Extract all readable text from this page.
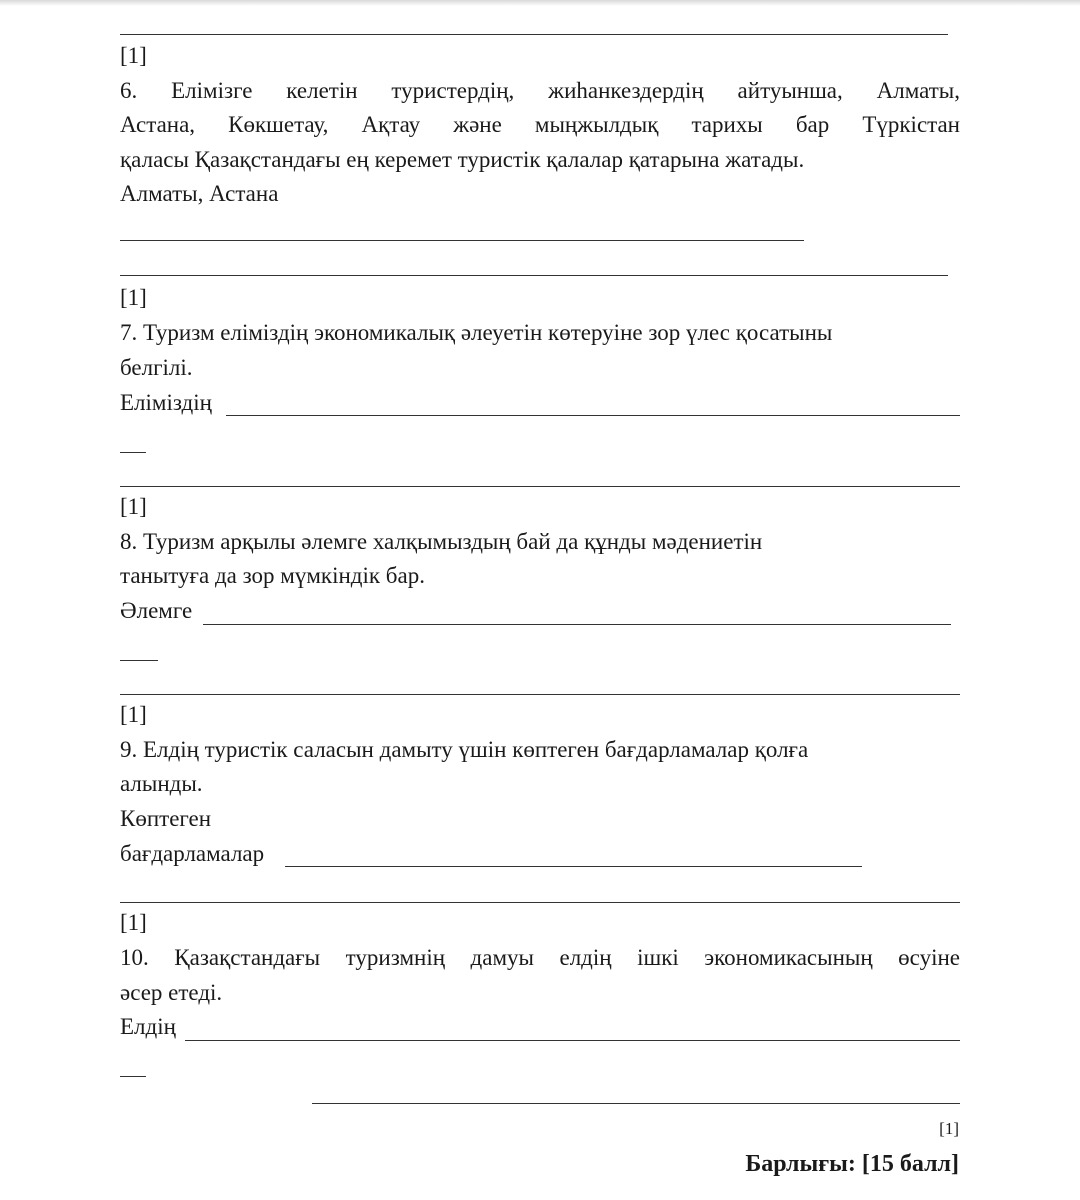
[1]
6. Елімізге келетін туристердің, жиһанкездердің айтуынша, Алматы,
Астана, Көкшетау, Ақтау және мыңжылдық тарихы бар Түркістан
қаласы Қазақстандағы ең керемет туристік қалалар қатарына жатады.
Алматы, Астана
[1]
7. Туризм еліміздің экономикалық әлеуетін көтеруіне зор үлес қосатыны
белгілі.
Еліміздің
[1]
8. Туризм арқылы әлемге халқымыздың бай да құнды мәдениетін
танытуға да зор мүмкіндік бар.
Әлемге
[1]
9. Елдің туристік саласын дамыту үшін көптеген бағдарламалар қолға
алынды.
Көптеген
бағдарламалар
[1]
10. Қазақстандағы туризмнің дамуы елдің ішкі экономикасының өсуіне
әсер етеді.
Елдің
[1]
Барлығы: [15 балл]
